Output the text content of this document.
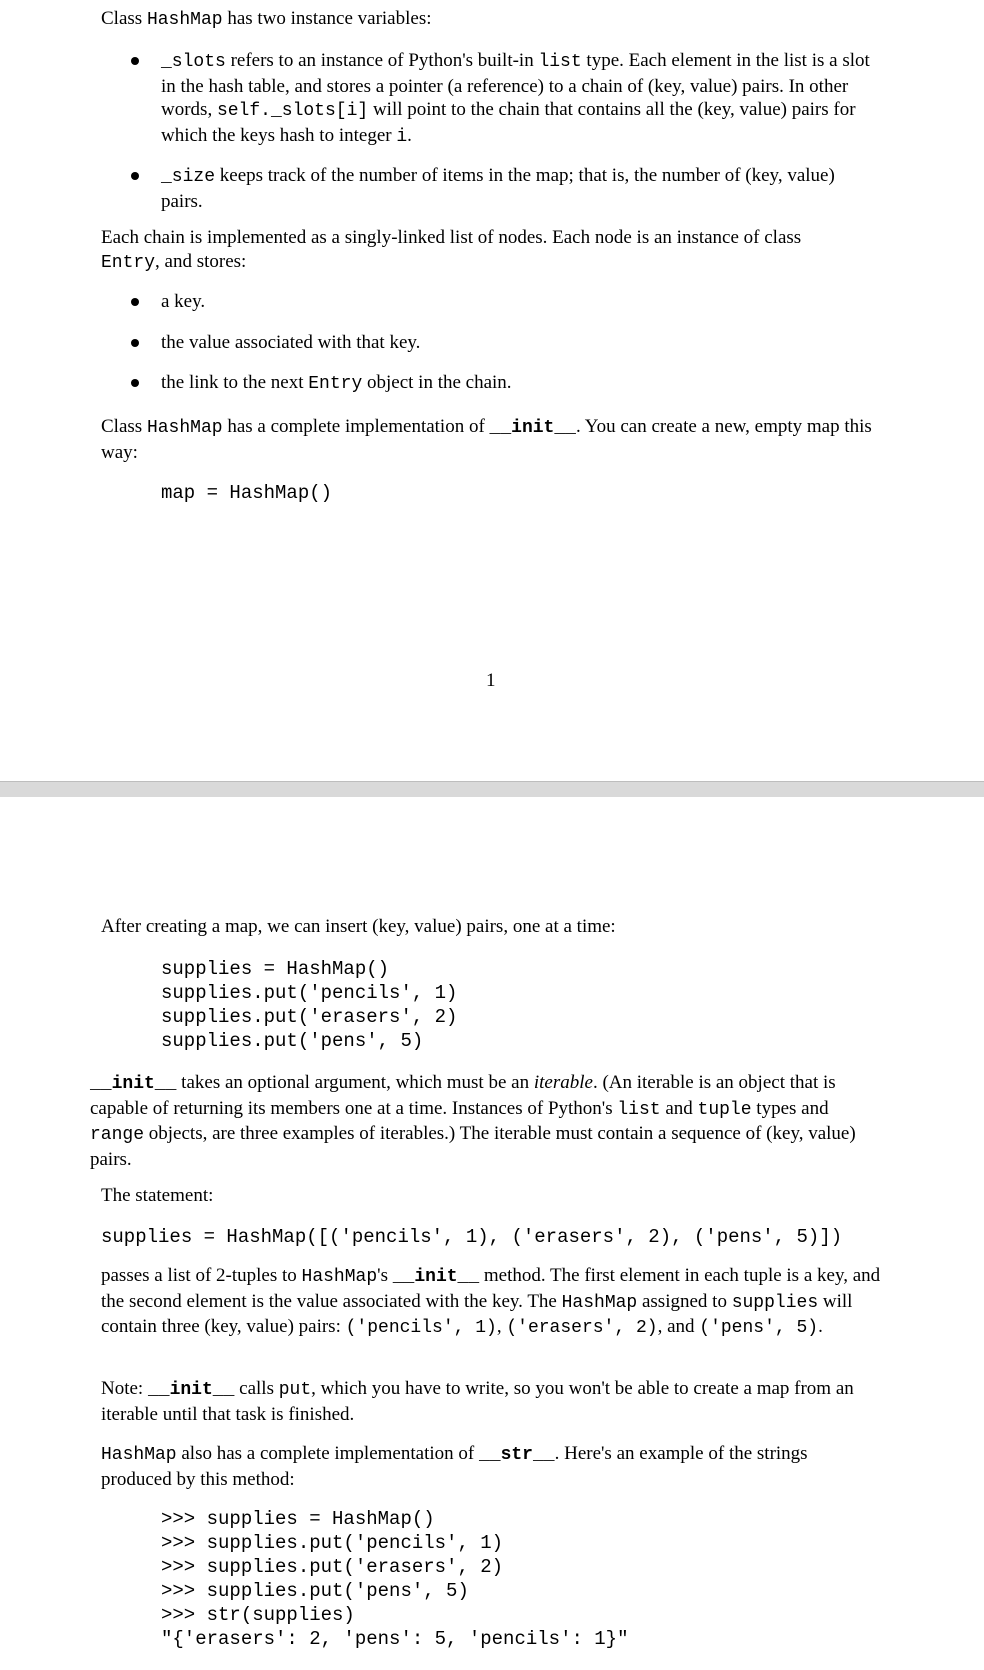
Class HashMap has two instance variables:

_slots refers to an instance of Python's built-in list type. Each element in the list is a slot in the hash table, and stores a pointer (a reference) to a chain of (key, value) pairs. In other words, self._slots[i] will point to the chain that contains all the (key, value) pairs for which the keys hash to integer i.
_size keeps track of the number of items in the map; that is, the number of (key, value) pairs.

Each chain is implemented as a singly-linked list of nodes. Each node is an instance of class Entry, and stores:

a key.
the value associated with that key.
the link to the next Entry object in the chain.

Class HashMap has a complete implementation of __init__. You can create a new, empty map this way:

map = HashMap()
1

After creating a map, we can insert (key, value) pairs, one at a time:

supplies = HashMap()
supplies.put('pencils', 1)
supplies.put('erasers', 2)
supplies.put('pens', 5)

__init__ takes an optional argument, which must be an iterable. (An iterable is an object that is capable of returning its members one at a time. Instances of Python's list and tuple types and range objects, are three examples of iterables.) The iterable must contain a sequence of (key, value) pairs.

The statement:

supplies = HashMap([('pencils', 1), ('erasers', 2), ('pens', 5)])

passes a list of 2-tuples to HashMap's __init__ method. The first element in each tuple is a key, and the second element is the value associated with the key. The HashMap assigned to supplies will contain three (key, value) pairs: ('pencils', 1), ('erasers', 2), and ('pens', 5).

Note: __init__ calls put, which you have to write, so you won't be able to create a map from an iterable until that task is finished.

HashMap also has a complete implementation of __str__. Here's an example of the strings produced by this method:

>>> supplies = HashMap()
>>> supplies.put('pencils', 1)
>>> supplies.put('erasers', 2)
>>> supplies.put('pens', 5)
>>> str(supplies)
"{'erasers': 2, 'pens': 5, 'pencils': 1}"
